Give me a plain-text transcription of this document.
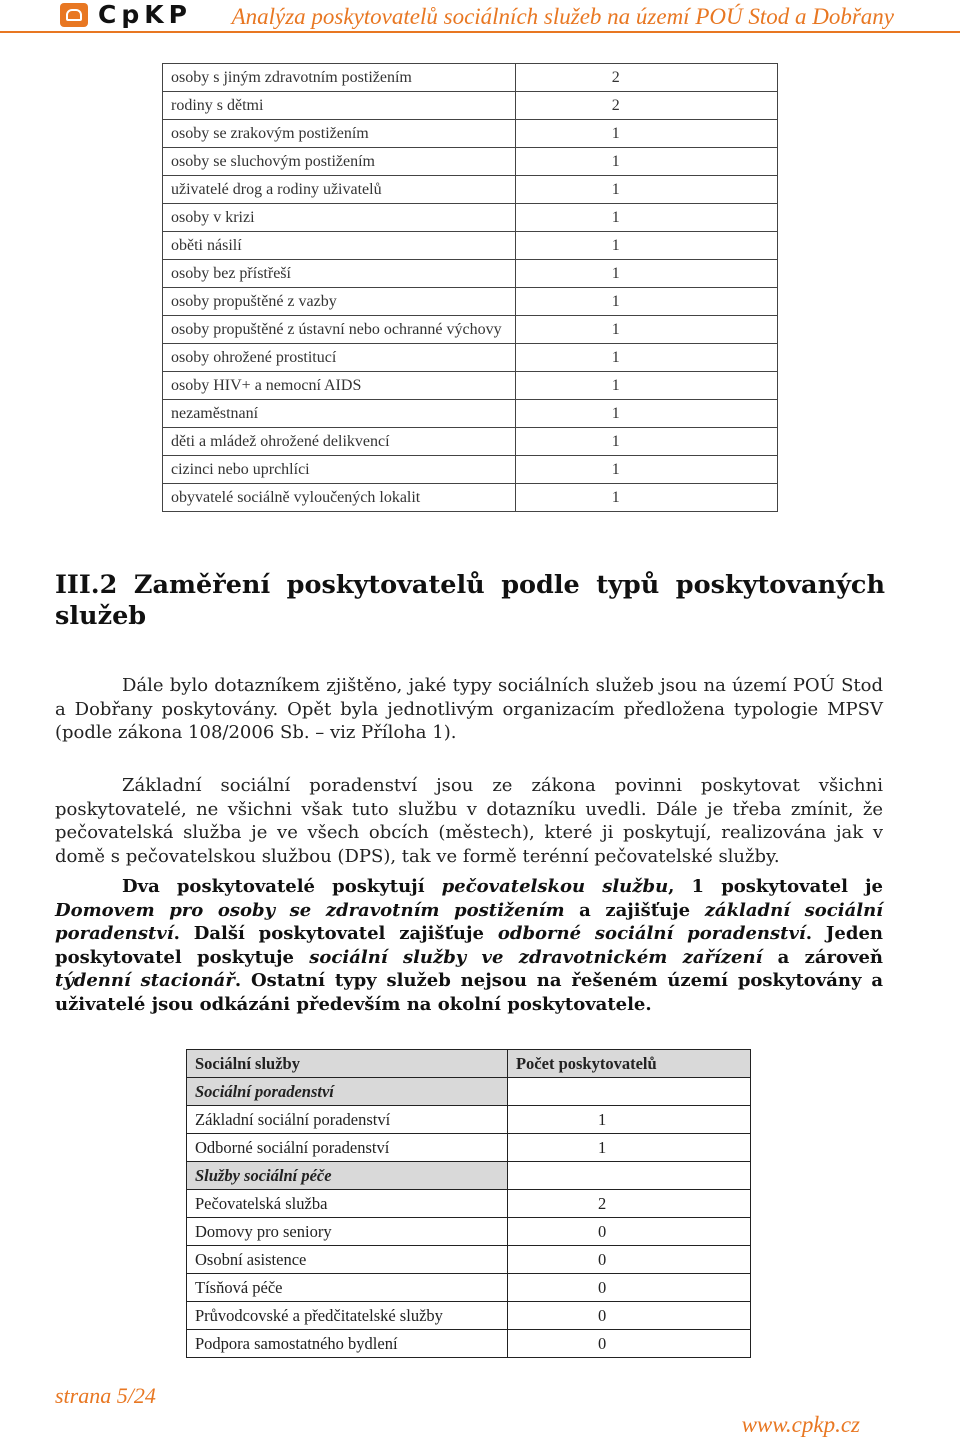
CpKP Analýza poskytovatelů sociálních služeb na území POÚ Stod a Dobřany
osoby s jiným zdravotním postižením	2
rodiny s dětmi	2
osoby se zrakovým postižením	1
osoby se sluchovým postižením	1
uživatelé drog a rodiny uživatelů	1
osoby v krizi	1
oběti násilí	1
osoby bez přístřeší	1
osoby propuštěné z vazby	1
osoby propuštěné z ústavní nebo ochranné výchovy	1
osoby ohrožené prostitucí	1
osoby HIV+ a nemocní AIDS	1
nezaměstnaní	1
děti a mládež ohrožené delikvencí	1
cizinci nebo uprchlíci	1
obyvatelé sociálně vyloučených lokalit	1
III.2 Zaměření poskytovatelů podle typů poskytovaných služeb
Dále bylo dotazníkem zjištěno, jaké typy sociálních služeb jsou na území POÚ Stod a Dobřany poskytovány. Opět byla jednotlivým organizacím předložena typologie MPSV (podle zákona 108/2006 Sb. – viz Příloha 1).
Základní sociální poradenství jsou ze zákona povinni poskytovat všichni poskytovatelé, ne všichni však tuto službu v dotazníku uvedli. Dále je třeba zmínit, že pečovatelská služba je ve všech obcích (městech), které ji poskytují, realizována jak v domě s pečovatelskou službou (DPS), tak ve formě terénní pečovatelské služby.
Dva poskytovatelé poskytují pečovatelskou službu, 1 poskytovatel je Domovem pro osoby se zdravotním postižením a zajišťuje základní sociální poradenství. Další poskytovatel zajišťuje odborné sociální poradenství. Jeden poskytovatel poskytuje sociální služby ve zdravotnickém zařízení a zároveň týdenní stacionář. Ostatní typy služeb nejsou na řešeném území poskytovány a uživatelé jsou odkázáni především na okolní poskytovatele.
Sociální služby	Počet poskytovatelů
Sociální poradenství	
Základní sociální poradenství	1
Odborné sociální poradenství	1
Služby sociální péče	
Pečovatelská služba	2
Domovy pro seniory	0
Osobní asistence	0
Tísňová péče	0
Průvodcovské a předčitatelské služby	0
Podpora samostatného bydlení	0
strana 5/24
www.cpkp.cz
